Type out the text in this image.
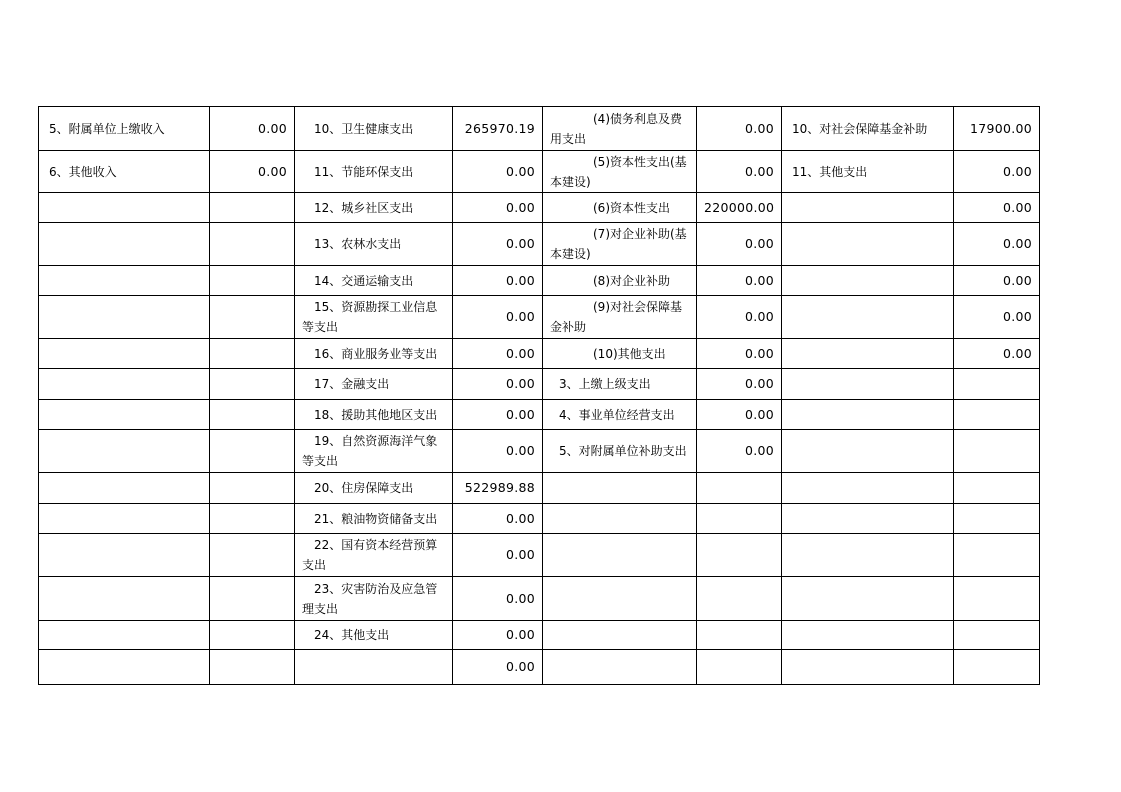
5、附属单位上缴收入	0.00	10、卫生健康支出	265970.19	(4)债务利息及费用支出	0.00	10、对社会保障基金补助	17900.00
6、其他收入	0.00	11、节能环保支出	0.00	(5)资本性支出(基本建设)	0.00	11、其他支出	0.00
		12、城乡社区支出	0.00	(6)资本性支出	220000.00		0.00
		13、农林水支出	0.00	(7)对企业补助(基本建设)	0.00		0.00
		14、交通运输支出	0.00	(8)对企业补助	0.00		0.00
		15、资源勘探工业信息等支出	0.00	(9)对社会保障基金补助	0.00		0.00
		16、商业服务业等支出	0.00	(10)其他支出	0.00		0.00
		17、金融支出	0.00	3、上缴上级支出	0.00		
		18、援助其他地区支出	0.00	4、事业单位经营支出	0.00		
		19、自然资源海洋气象等支出	0.00	5、对附属单位补助支出	0.00		
		20、住房保障支出	522989.88				
		21、粮油物资储备支出	0.00				
		22、国有资本经营预算支出	0.00				
		23、灾害防治及应急管理支出	0.00				
		24、其他支出	0.00				
			0.00				
